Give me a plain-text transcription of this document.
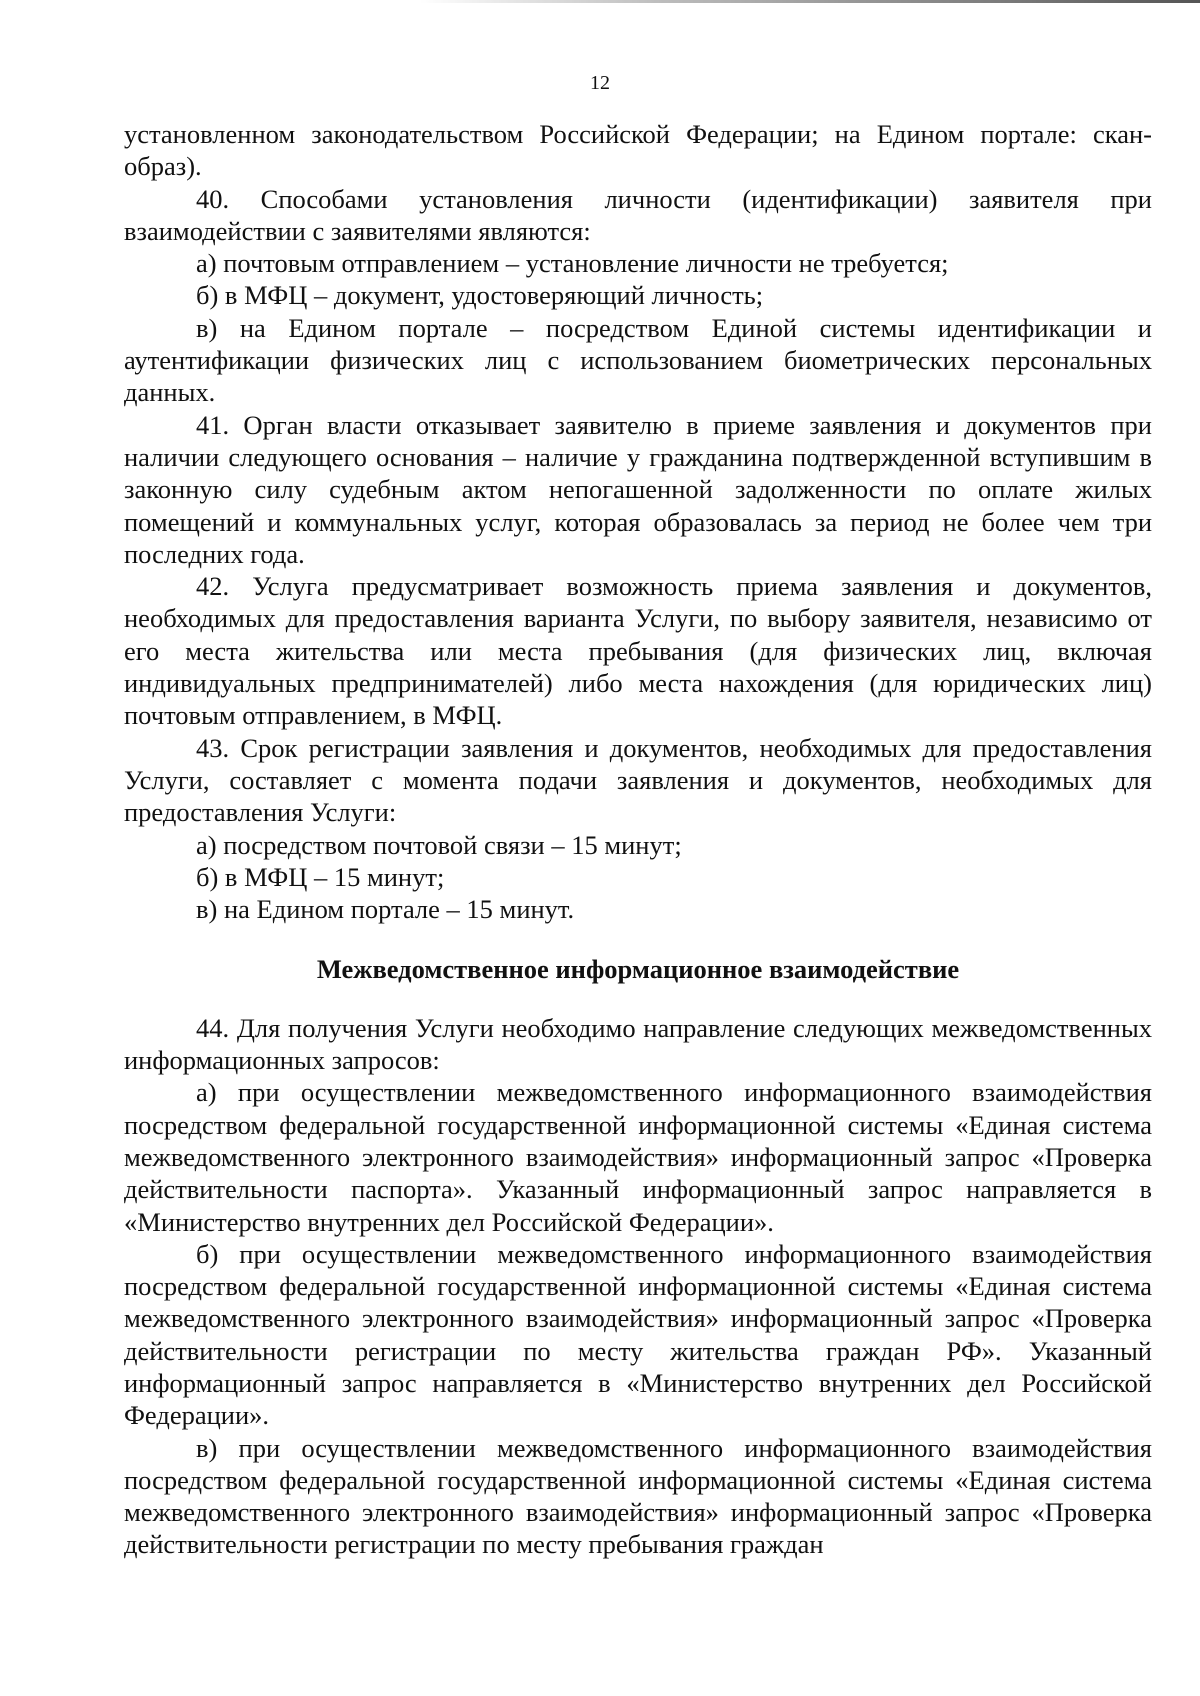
12

установленном законодательством Российской Федерации; на Едином портале: скан-образ).

40. Способами установления личности (идентификации) заявителя при взаимодействии с заявителями являются:

а) почтовым отправлением – установление личности не требуется;

б) в МФЦ – документ, удостоверяющий личность;

в) на Едином портале – посредством Единой системы идентификации и аутентификации физических лиц с использованием биометрических персональных данных.

41. Орган власти отказывает заявителю в приеме заявления и документов при наличии следующего основания – наличие у гражданина подтвержденной вступившим в законную силу судебным актом непогашенной задолженности по оплате жилых помещений и коммунальных услуг, которая образовалась за период не более чем три последних года.

42. Услуга предусматривает возможность приема заявления и документов, необходимых для предоставления варианта Услуги, по выбору заявителя, независимо от его места жительства или места пребывания (для физических лиц, включая индивидуальных предпринимателей) либо места нахождения (для юридических лиц) почтовым отправлением, в МФЦ.

43. Срок регистрации заявления и документов, необходимых для предоставления Услуги, составляет с момента подачи заявления и документов, необходимых для предоставления Услуги:

а) посредством почтовой связи – 15 минут;

б) в МФЦ – 15 минут;

в) на Едином портале – 15 минут.

Межведомственное информационное взаимодействие

44. Для получения Услуги необходимо направление следующих межведомственных информационных запросов:

а) при осуществлении межведомственного информационного взаимодействия посредством федеральной государственной информационной системы «Единая система межведомственного электронного взаимодействия» информационный запрос «Проверка действительности паспорта». Указанный информационный запрос направляется в «Министерство внутренних дел Российской Федерации».

б) при осуществлении межведомственного информационного взаимодействия посредством федеральной государственной информационной системы «Единая система межведомственного электронного взаимодействия» информационный запрос «Проверка действительности регистрации по месту жительства граждан РФ». Указанный информационный запрос направляется в «Министерство внутренних дел Российской Федерации».

в) при осуществлении межведомственного информационного взаимодействия посредством федеральной государственной информационной системы «Единая система межведомственного электронного взаимодействия» информационный запрос «Проверка действительности регистрации по месту пребывания граждан
